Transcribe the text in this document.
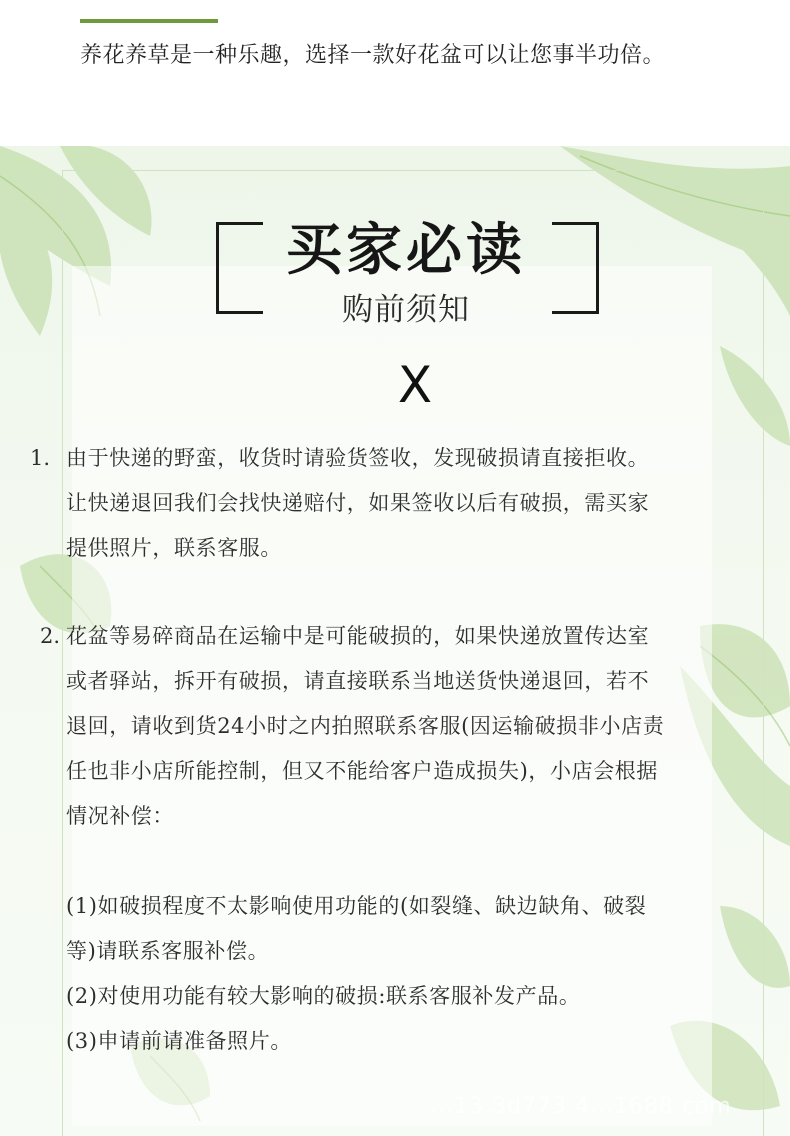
养花养草是一种乐趣，选择一款好花盆可以让您事半功倍。
买家必读
购前须知
X
1. 由于快递的野蛮，收货时请验货签收，发现破损请直接拒收。
让快递退回我们会找快递赔付，如果签收以后有破损，需买家
提供照片，联系客服。
2. 花盆等易碎商品在运输中是可能破损的，如果快递放置传达室
或者驿站，拆开有破损，请直接联系当地送货快递退回，若不
退回，请收到货24小时之内拍照联系客服(因运输破损非小店责
任也非小店所能控制，但又不能给客户造成损失)，小店会根据
情况补偿：
(1)如破损程度不太影响使用功能的(如裂缝、缺边缺角、破裂
等)请联系客服补偿。
(2)对使用功能有较大影响的破损:联系客服补发产品。
(3)申请前请准备照片。
...13.3d773.4...1688.com
